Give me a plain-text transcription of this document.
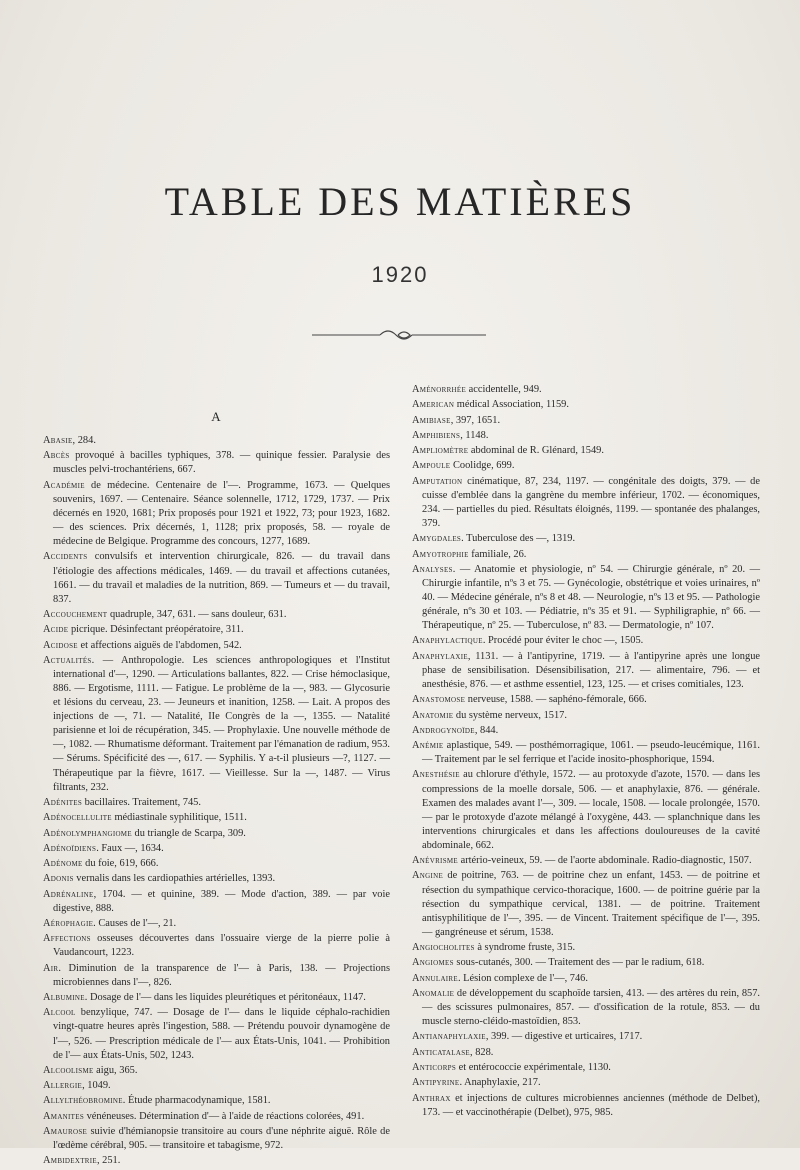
TABLE DES MATIÈRES
1920
A

Abasie, 284.

Abcès provoqué à bacilles typhiques, 378. — quinique fessier. Paralysie des muscles pelvi-trochantériens, 667.

Académie de médecine. Centenaire de l'—. Programme, 1673. — Quelques souvenirs, 1697. — Centenaire. Séance solennelle, 1712, 1729, 1737. — Prix décernés en 1920, 1681; Prix proposés pour 1921 et 1922, 73; pour 1923, 1682. — des sciences. Prix décernés, 1, 1128; prix proposés, 58. — royale de médecine de Belgique. Programme des concours, 1277, 1689.

Accidents convulsifs et intervention chirurgicale, 826. — du travail dans l'étiologie des affections médicales, 1469. — du travail et affections cutanées, 1661. — du travail et maladies de la nutrition, 869. — Tumeurs et — du travail, 837.

Accouchement quadruple, 347, 631. — sans douleur, 631.

Acide picrique. Désinfectant préopératoire, 311.

Acidose et affections aiguës de l'abdomen, 542.

Actualités. — Anthropologie. Les sciences anthropologiques et l'Institut international d'—, 1290. — Articulations ballantes, 822. — Crise hémoclasique, 886. — Ergotisme, 1111. — Fatigue. Le problème de la —, 983. — Glycosurie et lésions du cerveau, 23. — Jeuneurs et inanition, 1258. — Lait. A propos des injections de —, 71. — Natalité, IIe Congrès de la —, 1355. — Natalité parisienne et loi de récupération, 345. — Prophylaxie. Une nouvelle méthode de —, 1082. — Rhumatisme déformant. Traitement par l'émanation de radium, 953. — Sérums. Spécificité des —, 617. — Syphilis. Y a-t-il plusieurs —?, 1127. — Thérapeutique par la fièvre, 1617. — Vieillesse. Sur la —, 1487. — Virus filtrants, 232.

Adénites bacillaires. Traitement, 745.

Adénocellulite médiastinale syphilitique, 1511.

Adénolymphangiome du triangle de Scarpa, 309.

Adénoïdiens. Faux —, 1634.

Adénome du foie, 619, 666.

Adonis vernalis dans les cardiopathies artérielles, 1393.

Adrénaline, 1704. — et quinine, 389. — Mode d'action, 389. — par voie digestive, 888.

Aérophagie. Causes de l'—, 21.

Affections osseuses découvertes dans l'ossuaire vierge de la pierre polie à Vaudancourt, 1223.

Air. Diminution de la transparence de l'— à Paris, 138. — Projections microbiennes dans l'—, 826.

Albumine. Dosage de l'— dans les liquides pleurétiques et péritonéaux, 1147.

Alcool benzylique, 747. — Dosage de l'— dans le liquide céphalo-rachidien vingt-quatre heures après l'ingestion, 588. — Prétendu pouvoir dynamogène de l'—, 526. — Prescription médicale de l'— aux États-Unis, 1041. — Prohibition de l'— aux États-Unis, 502, 1243.

Alcoolisme aigu, 365.

Allergie, 1049.

Allylthéobromine. Étude pharmacodynamique, 1581.

Amanites vénéneuses. Détermination d'— à l'aide de réactions colorées, 491.

Amaurose suivie d'hémianopsie transitoire au cours d'une néphrite aiguë. Rôle de l'œdème cérébral, 905. — transitoire et tabagisme, 972.

Ambidextrie, 251.

Aménorrhée accidentelle, 949.

American médical Association, 1159.

Amibiase, 397, 1651.

Amphibiens, 1148.

Ampliomètre abdominal de R. Glénard, 1549.

Ampoule Coolidge, 699.

Amputation cinématique, 87, 234, 1197. — congénitale des doigts, 379. — de cuisse d'emblée dans la gangrène du membre inférieur, 1702. — économiques, 234. — partielles du pied. Résultats éloignés, 1199. — spontanée des phalanges, 379.

Amygdales. Tuberculose des —, 1319.

Amyotrophie familiale, 26.

Analyses. — Anatomie et physiologie, nº 54. — Chirurgie générale, nº 20. — Chirurgie infantile, nºs 3 et 75. — Gynécologie, obstétrique et voies urinaires, nº 40. — Médecine générale, nºs 8 et 48. — Neurologie, nºs 13 et 95. — Pathologie générale, nºs 30 et 103. — Pédiatrie, nºs 35 et 91. — Syphiligraphie, nº 66. — Thérapeutique, nº 25. — Tuberculose, nº 83. — Dermatologie, nº 107.

Anaphylactique. Procédé pour éviter le choc —, 1505.

Anaphylaxie, 1131. — à l'antipyrine, 1719. — à l'antipyrine après une longue phase de sensibilisation. Désensibilisation, 217. — alimentaire, 796. — et anesthésie, 876. — et asthme essentiel, 123, 125. — et crises comitiales, 123.

Anastomose nerveuse, 1588. — saphéno-fémorale, 666.

Anatomie du système nerveux, 1517.

Androgynoïde, 844.

Anémie aplastique, 549. — posthémorragique, 1061. — pseudo-leucémique, 1161. — Traitement par le sel ferrique et l'acide inosito-phosphorique, 1594.

Anesthésie au chlorure d'éthyle, 1572. — au protoxyde d'azote, 1570. — dans les compressions de la moelle dorsale, 506. — et anaphylaxie, 876. — générale. Examen des malades avant l'—, 309. — locale, 1508. — locale prolongée, 1570. — par le protoxyde d'azote mélangé à l'oxygène, 443. — splanchnique dans les interventions chirurgicales et dans les affections douloureuses de la cavité abdominale, 662.

Anévrisme artério-veineux, 59. — de l'aorte abdominale. Radio-diagnostic, 1507.

Angine de poitrine, 763. — de poitrine chez un enfant, 1453. — de poitrine et résection du sympathique cervico-thoracique, 1600. — de poitrine guérie par la résection du sympathique cervical, 1381. — de poitrine. Traitement antisyphilitique de l'—, 395. — de Vincent. Traitement spécifique de l'—, 395. — gangréneuse et sérum, 1538.

Angiocholites à syndrome fruste, 315.

Angiomes sous-cutanés, 300. — Traitement des — par le radium, 618.

Annulaire. Lésion complexe de l'—, 746.

Anomalie de développement du scaphoïde tarsien, 413. — des artères du rein, 857. — des scissures pulmonaires, 857. — d'ossification de la rotule, 853. — du muscle sterno-cléido-mastoïdien, 853.

Antianaphylaxie, 399. — digestive et urticaires, 1717.

Anticatalase, 828.

Anticorps et entérococcie expérimentale, 1130.

Antipyrine. Anaphylaxie, 217.

Anthrax et injections de cultures microbiennes anciennes (méthode de Delbet), 173. — et vaccinothérapie (Delbet), 975, 985.
